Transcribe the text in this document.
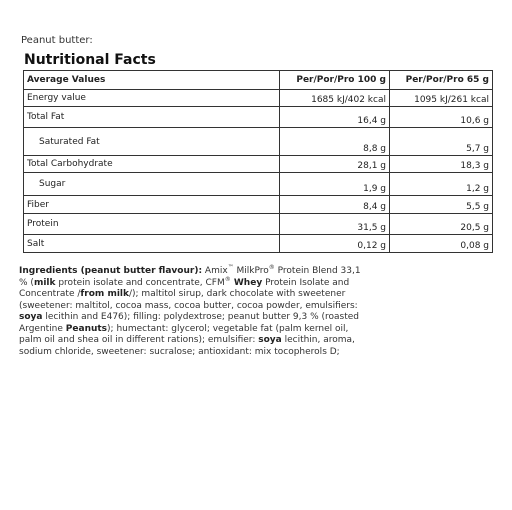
Peanut butter:
Nutritional Facts
Average Values	Per/Por/Pro 100 g	Per/Por/Pro 65 g
Energy value	1685 kJ/402 kcal	1095 kJ/261 kcal
Total Fat	16,4 g	10,6 g
Saturated Fat	8,8 g	5,7 g
Total Carbohydrate	28,1 g	18,3 g
Sugar	1,9 g	1,2 g
Fiber	8,4 g	5,5 g
Protein	31,5 g	20,5 g
Salt	0,12 g	0,08 g
Ingredients (peanut butter flavour): Amix™ MilkPro® Protein Blend 33,1 % (milk protein isolate and concentrate, CFM® Whey Protein Isolate and Concentrate /from milk/); maltitol sirup, dark chocolate with sweetener (sweetener: maltitol, cocoa mass, cocoa butter, cocoa powder, emulsifiers: soya lecithin and E476); filling: polydextrose; peanut butter 9,3 % (roasted Argentine Peanuts); humectant: glycerol; vegetable fat (palm kernel oil, palm oil and shea oil in different rations); emulsifier: soya lecithin, aroma, sodium chloride, sweetener: sucralose; antioxidant: mix tocopherols D;
